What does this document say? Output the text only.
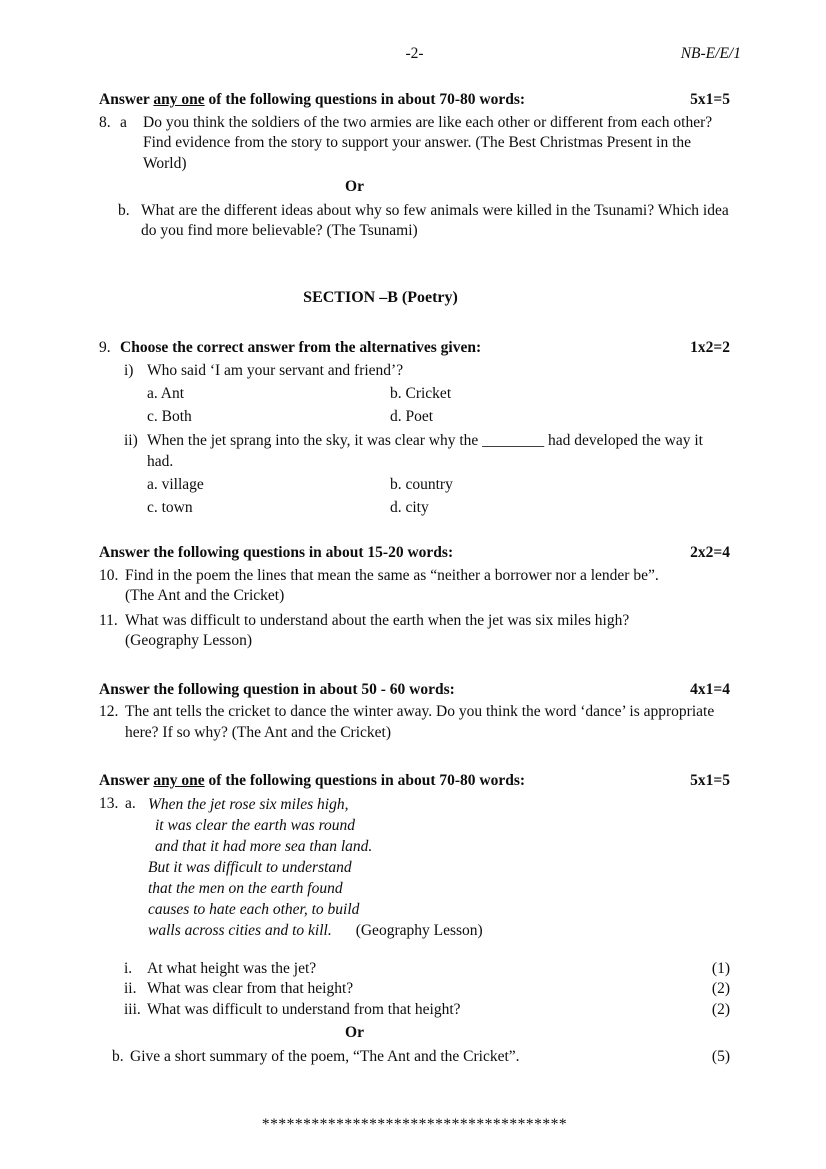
-2-	NB-E/E/1
Answer any one of the following questions in about 70-80 words:	5x1=5
8. a	Do you think the soldiers of the two armies are like each other or different from each other? Find evidence from the story to support your answer. (The Best Christmas Present in the World)
Or
b. What are the different ideas about why so few animals were killed in the Tsunami? Which idea do you find more believable? (The Tsunami)
SECTION –B (Poetry)
9. Choose the correct answer from the alternatives given:	1x2=2
i) Who said ‘I am your servant and friend’?
a. Ant	b. Cricket
c. Both	d. Poet
ii) When the jet sprang into the sky, it was clear why the ________ had developed the way it had.
a. village	b. country
c. town	d. city
Answer the following questions in about 15-20 words:	2x2=4
10. Find in the poem the lines that mean the same as “neither a borrower nor a lender be”.
(The Ant and the Cricket)
11. What was difficult to understand about the earth when the jet was six miles high?
(Geography Lesson)
Answer the following question in about 50 - 60 words:	4x1=4
12. The ant tells the cricket to dance the winter away. Do you think the word ‘dance’ is appropriate here? If so why? (The Ant and the Cricket)
Answer any one of the following questions in about 70-80 words:	5x1=5
13. a. When the jet rose six miles high,
it was clear the earth was round
and that it had more sea than land.
But it was difficult to understand
that the men on the earth found
causes to hate each other, to build
walls across cities and to kill. (Geography Lesson)
i. At what height was the jet?	(1)
ii. What was clear from that height?	(2)
iii. What was difficult to understand from that height?	(2)
Or
b. Give a short summary of the poem, “The Ant and the Cricket”.	(5)
*************************************
